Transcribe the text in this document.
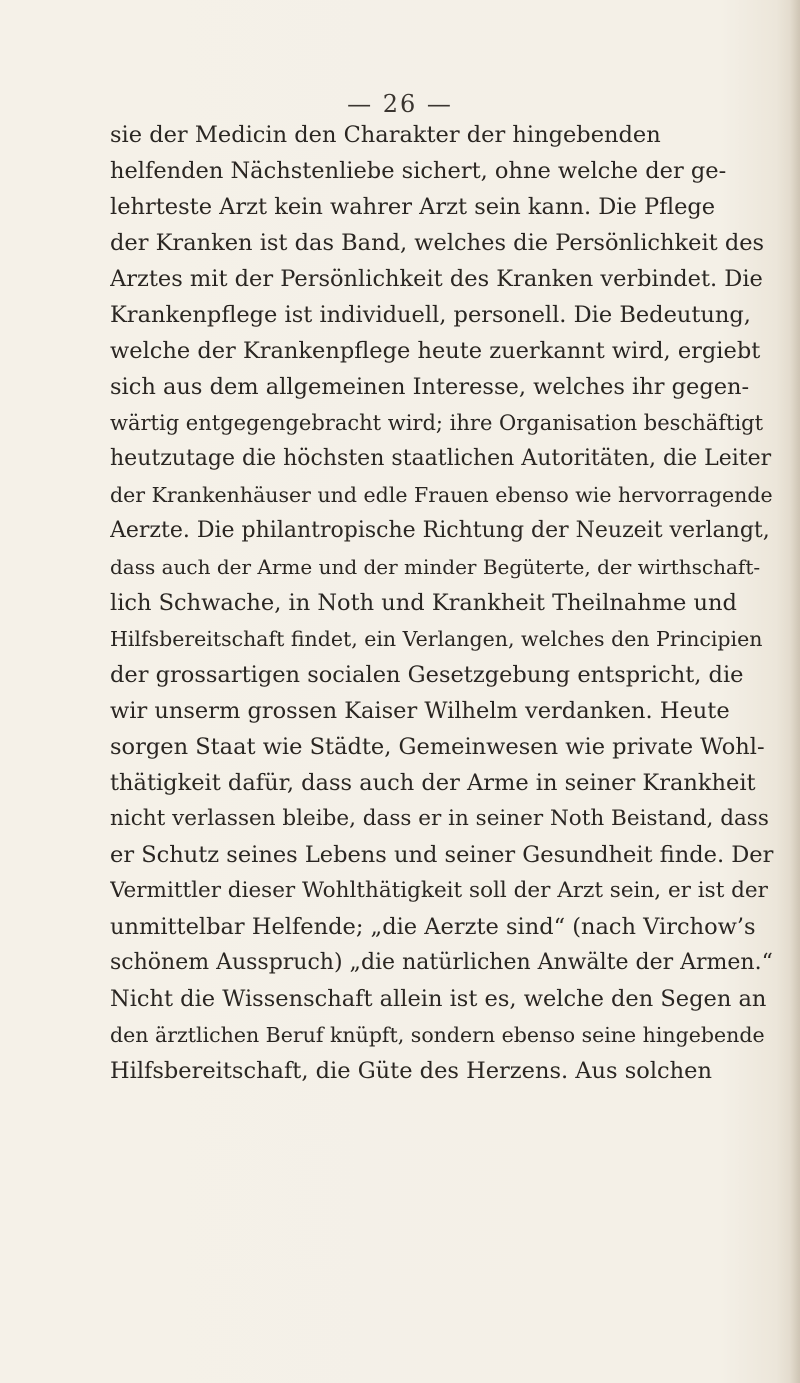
— 26 —
sie der Medicin den Charakter der hingebenden
helfenden Nächstenliebe sichert, ohne welche der ge-
lehrteste Arzt kein wahrer Arzt sein kann. Die Pflege
der Kranken ist das Band, welches die Persönlichkeit des
Arztes mit der Persönlichkeit des Kranken verbindet. Die
Krankenpflege ist individuell, personell. Die Bedeutung,
welche der Krankenpflege heute zuerkannt wird, ergiebt
sich aus dem allgemeinen Interesse, welches ihr gegen-
wärtig entgegengebracht wird; ihre Organisation beschäftigt
heutzutage die höchsten staatlichen Autoritäten, die Leiter
der Krankenhäuser und edle Frauen ebenso wie hervorragende
Aerzte. Die philantropische Richtung der Neuzeit verlangt,
dass auch der Arme und der minder Begüterte, der wirthschaft-
lich Schwache, in Noth und Krankheit Theilnahme und
Hilfsbereitschaft findet, ein Verlangen, welches den Principien
der grossartigen socialen Gesetzgebung entspricht, die
wir unserm grossen Kaiser Wilhelm verdanken. Heute
sorgen Staat wie Städte, Gemeinwesen wie private Wohl-
thätigkeit dafür, dass auch der Arme in seiner Krankheit
nicht verlassen bleibe, dass er in seiner Noth Beistand, dass
er Schutz seines Lebens und seiner Gesundheit finde. Der
Vermittler dieser Wohlthätigkeit soll der Arzt sein, er ist der
unmittelbar Helfende; „die Aerzte sind“ (nach Virchow’s
schönem Ausspruch) „die natürlichen Anwälte der Armen.“
Nicht die Wissenschaft allein ist es, welche den Segen an
den ärztlichen Beruf knüpft, sondern ebenso seine hingebende
Hilfsbereitschaft, die Güte des Herzens. Aus solchen
